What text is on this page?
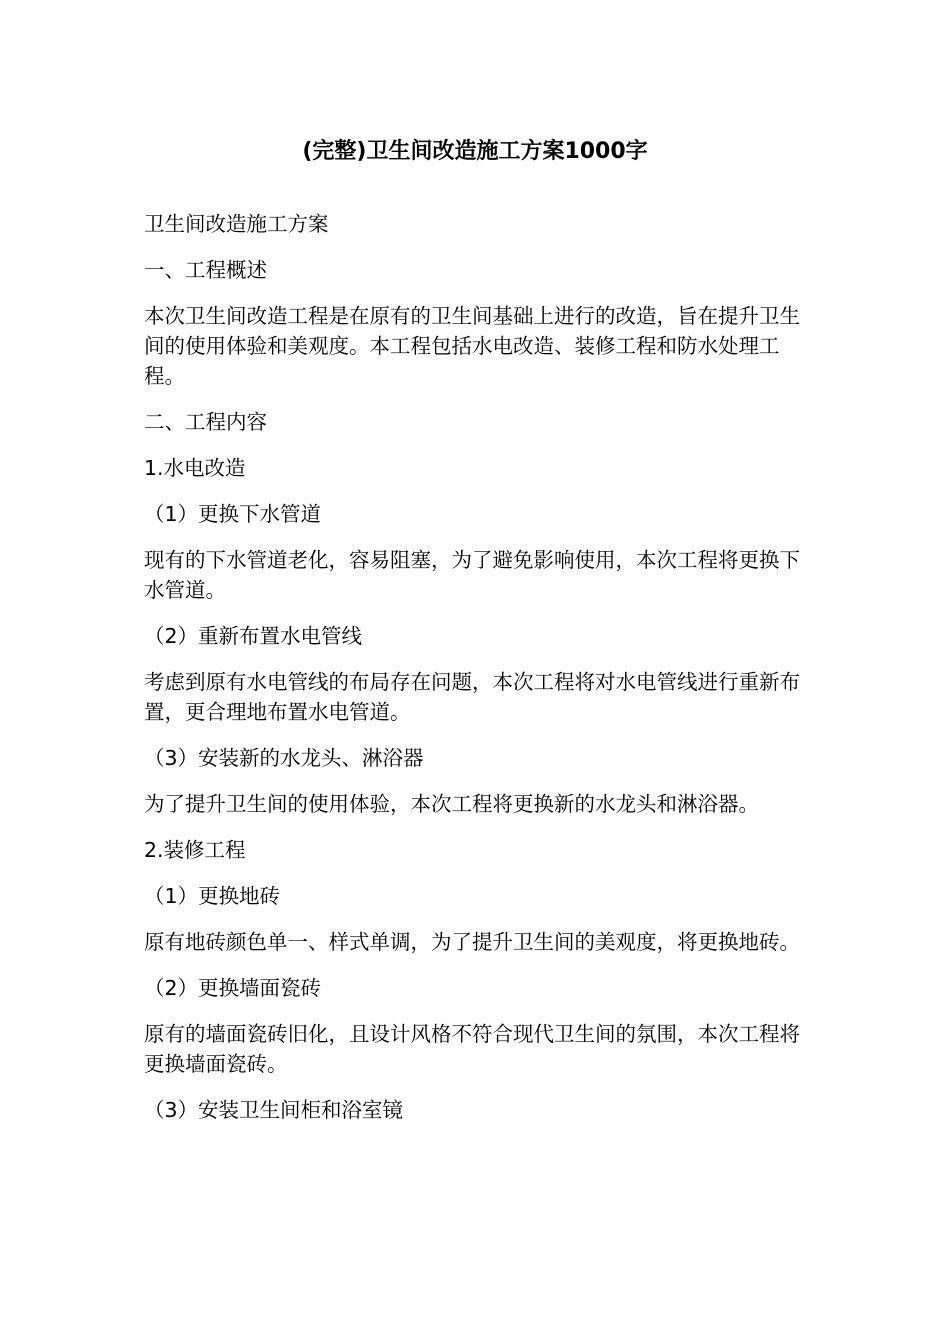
(完整)卫生间改造施工方案1000字

卫生间改造施工方案

一、工程概述

本次卫生间改造工程是在原有的卫生间基础上进行的改造，旨在提升卫生间的使用体验和美观度。本工程包括水电改造、装修工程和防水处理工程。

二、工程内容

1.水电改造

（1）更换下水管道

现有的下水管道老化，容易阻塞，为了避免影响使用，本次工程将更换下水管道。

（2）重新布置水电管线

考虑到原有水电管线的布局存在问题，本次工程将对水电管线进行重新布置，更合理地布置水电管道。

（3）安装新的水龙头、淋浴器

为了提升卫生间的使用体验，本次工程将更换新的水龙头和淋浴器。

2.装修工程

（1）更换地砖

原有地砖颜色单一、样式单调，为了提升卫生间的美观度，将更换地砖。

（2）更换墙面瓷砖

原有的墙面瓷砖旧化，且设计风格不符合现代卫生间的氛围，本次工程将更换墙面瓷砖。

（3）安装卫生间柜和浴室镜
